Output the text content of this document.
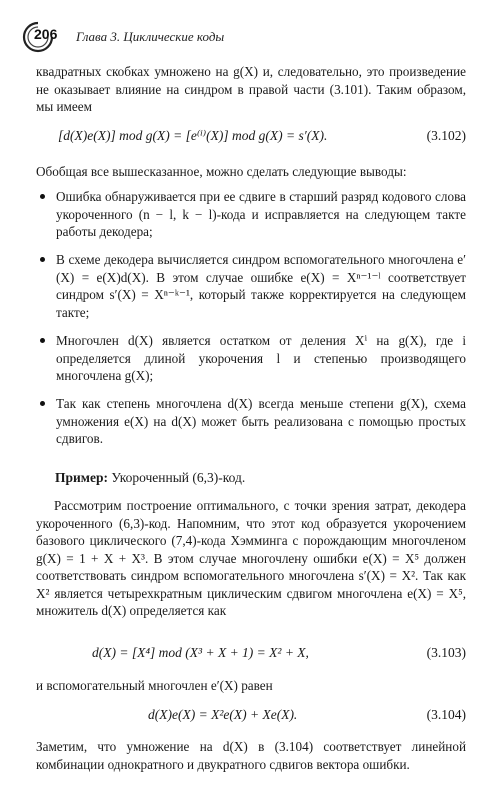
206 Глава 3. Циклические коды
квадратных скобках умножено на g(X) и, следовательно, это произведение не оказывает влияние на синдром в правой части (3.101). Таким образом, мы имеем
[d(X)e(X)] mod g(X) = [e⁽ⁱ⁾(X)] mod g(X) = s′(X).	(3.102)
Обобщая все вышесказанное, можно сделать следующие выводы:
Ошибка обнаруживается при ее сдвиге в старший разряд кодового слова укороченного (n − l, k − l)-кода и исправляется на следующем такте работы декодера;
В схеме декодера вычисляется синдром вспомогательного многочлена e′(X) = e(X)d(X). В этом случае ошибке e(X) = Xⁿ⁻¹⁻ˡ соответствует синдром s′(X) = Xⁿ⁻ᵏ⁻¹, который также корректируется на следующем такте;
Многочлен d(X) является остатком от деления Xⁱ на g(X), где i определяется длиной укорочения l и степенью производящего многочлена g(X);
Так как степень многочлена d(X) всегда меньше степени g(X), схема умножения e(X) на d(X) может быть реализована с помощью простых сдвигов.
Пример: Укороченный (6,3)-код.
Рассмотрим построение оптимального, с точки зрения затрат, декодера укороченного (6,3)-код. Напомним, что этот код образуется укорочением базового циклического (7,4)-кода Хэмминга с порождающим многочленом g(X) = 1 + X + X³. В этом случае многочлену ошибки e(X) = X⁵ должен соответствовать синдром вспомогательного многочлена s′(X) = X². Так как X² является четырехкратным циклическим сдвигом многочлена e(X) = X⁵, множитель d(X) определяется как
d(X) = [X⁴] mod (X³ + X + 1) = X² + X,	(3.103)
и вспомогательный многочлен e′(X) равен
d(X)e(X) = X²e(X) + Xe(X).	(3.104)
Заметим, что умножение на d(X) в (3.104) соответствует линейной комбинации однократного и двукратного сдвигов вектора ошибки.
